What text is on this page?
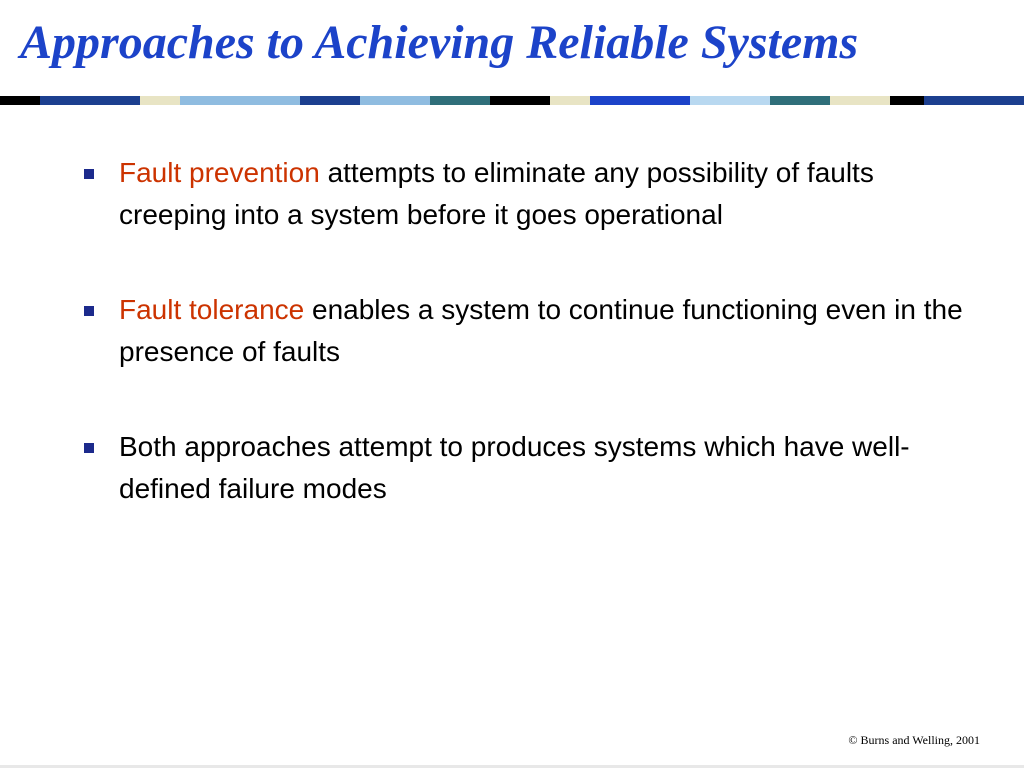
Approaches to Achieving Reliable Systems
Fault prevention attempts to eliminate any possibility of faults creeping into a system before it goes operational
Fault tolerance enables a system to continue functioning even in the presence of faults
Both approaches attempt to produces systems which have well-defined failure modes
© Burns and Welling, 2001
